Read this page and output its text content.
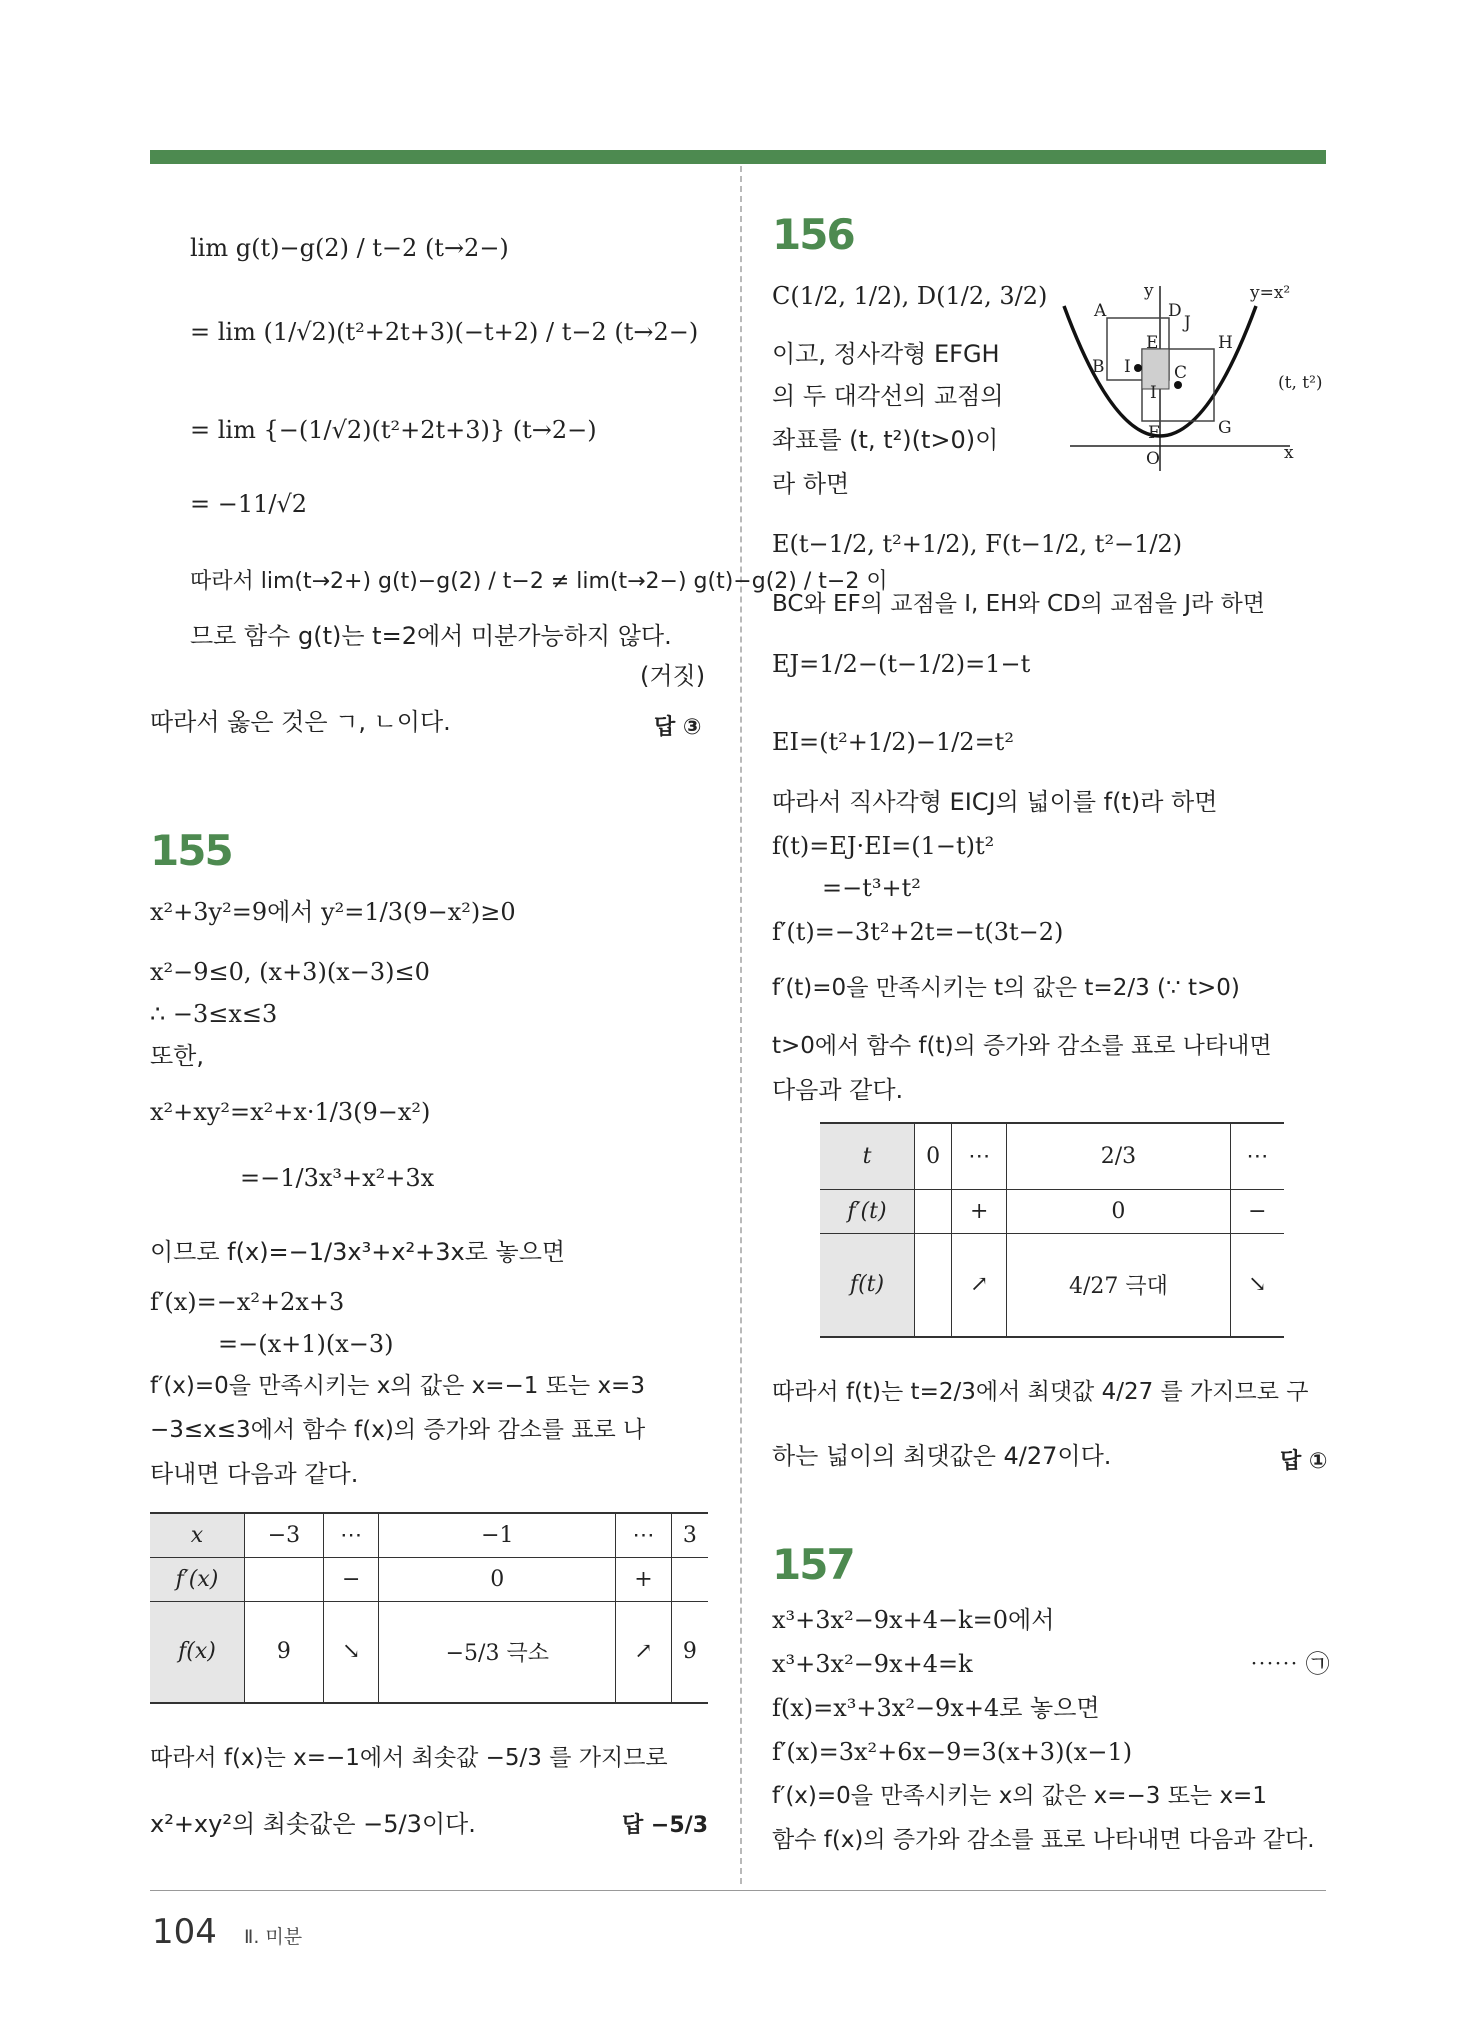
lim g(t)−g(2) / t−2 (t→2−)
= lim (1/√2)(t²+2t+3)(−t+2) / t−2 (t→2−)
= lim {−(1/√2)(t²+2t+3)} (t→2−)
= −11/√2
따라서 lim(t→2+) g(t)−g(2) / t−2 ≠ lim(t→2−) g(t)−g(2) / t−2 이
므로 함수 g(t)는 t=2에서 미분가능하지 않다.
(거짓)
따라서 옳은 것은 ㄱ, ㄴ이다.	답 ③
155
x²+3y²=9에서 y²=1/3(9−x²)≥0
x²−9≤0, (x+3)(x−3)≤0
∴ −3≤x≤3
또한,
x²+xy²=x²+x·1/3(9−x²)
=−1/3x³+x²+3x
이므로 f(x)=−1/3x³+x²+3x로 놓으면
f′(x)=−x²+2x+3
=−(x+1)(x−3)
f′(x)=0을 만족시키는 x의 값은 x=−1 또는 x=3
−3≤x≤3에서 함수 f(x)의 증가와 감소를 표로 나
타내면 다음과 같다.
x	−3	⋯	−1	⋯	3
f′(x)		−	0	+	
f(x)	9	↘	−5/3 극소	↗	9
따라서 f(x)는 x=−1에서 최솟값 −5/3 를 가지므로
x²+xy²의 최솟값은 −5/3이다.	답 −5/3
156
C(1/2, 1/2), D(1/2, 3/2)
이고, 정사각형 EFGH
의 두 대각선의 교점의
좌표를 (t, t²)(t>0)이
라 하면
y	y=x²
A	D
J
H
B I
E
C	(t, t²)
I
F	G
O	x
E(t−1/2, t²+1/2), F(t−1/2, t²−1/2)
BC와 EF의 교점을 I, EH와 CD의 교점을 J라 하면
EJ=1/2−(t−1/2)=1−t
EI=(t²+1/2)−1/2=t²
따라서 직사각형 EICJ의 넓이를 f(t)라 하면
f(t)=EJ·EI=(1−t)t²
=−t³+t²
f′(t)=−3t²+2t=−t(3t−2)
f′(t)=0을 만족시키는 t의 값은 t=2/3 (∵ t>0)
t>0에서 함수 f(t)의 증가와 감소를 표로 나타내면
다음과 같다.
t	0	⋯	2/3	⋯
f′(t)		+	0	−
f(t)		↗	4/27 극대	↘
따라서 f(t)는 t=2/3에서 최댓값 4/27 를 가지므로 구
하는 넓이의 최댓값은 4/27이다.	답 ①
157
x³+3x²−9x+4−k=0에서
x³+3x²−9x+4=k	⋯⋯ ㉠
f(x)=x³+3x²−9x+4로 놓으면
f′(x)=3x²+6x−9=3(x+3)(x−1)
f′(x)=0을 만족시키는 x의 값은 x=−3 또는 x=1
함수 f(x)의 증가와 감소를 표로 나타내면 다음과 같다.
104 Ⅱ. 미분
